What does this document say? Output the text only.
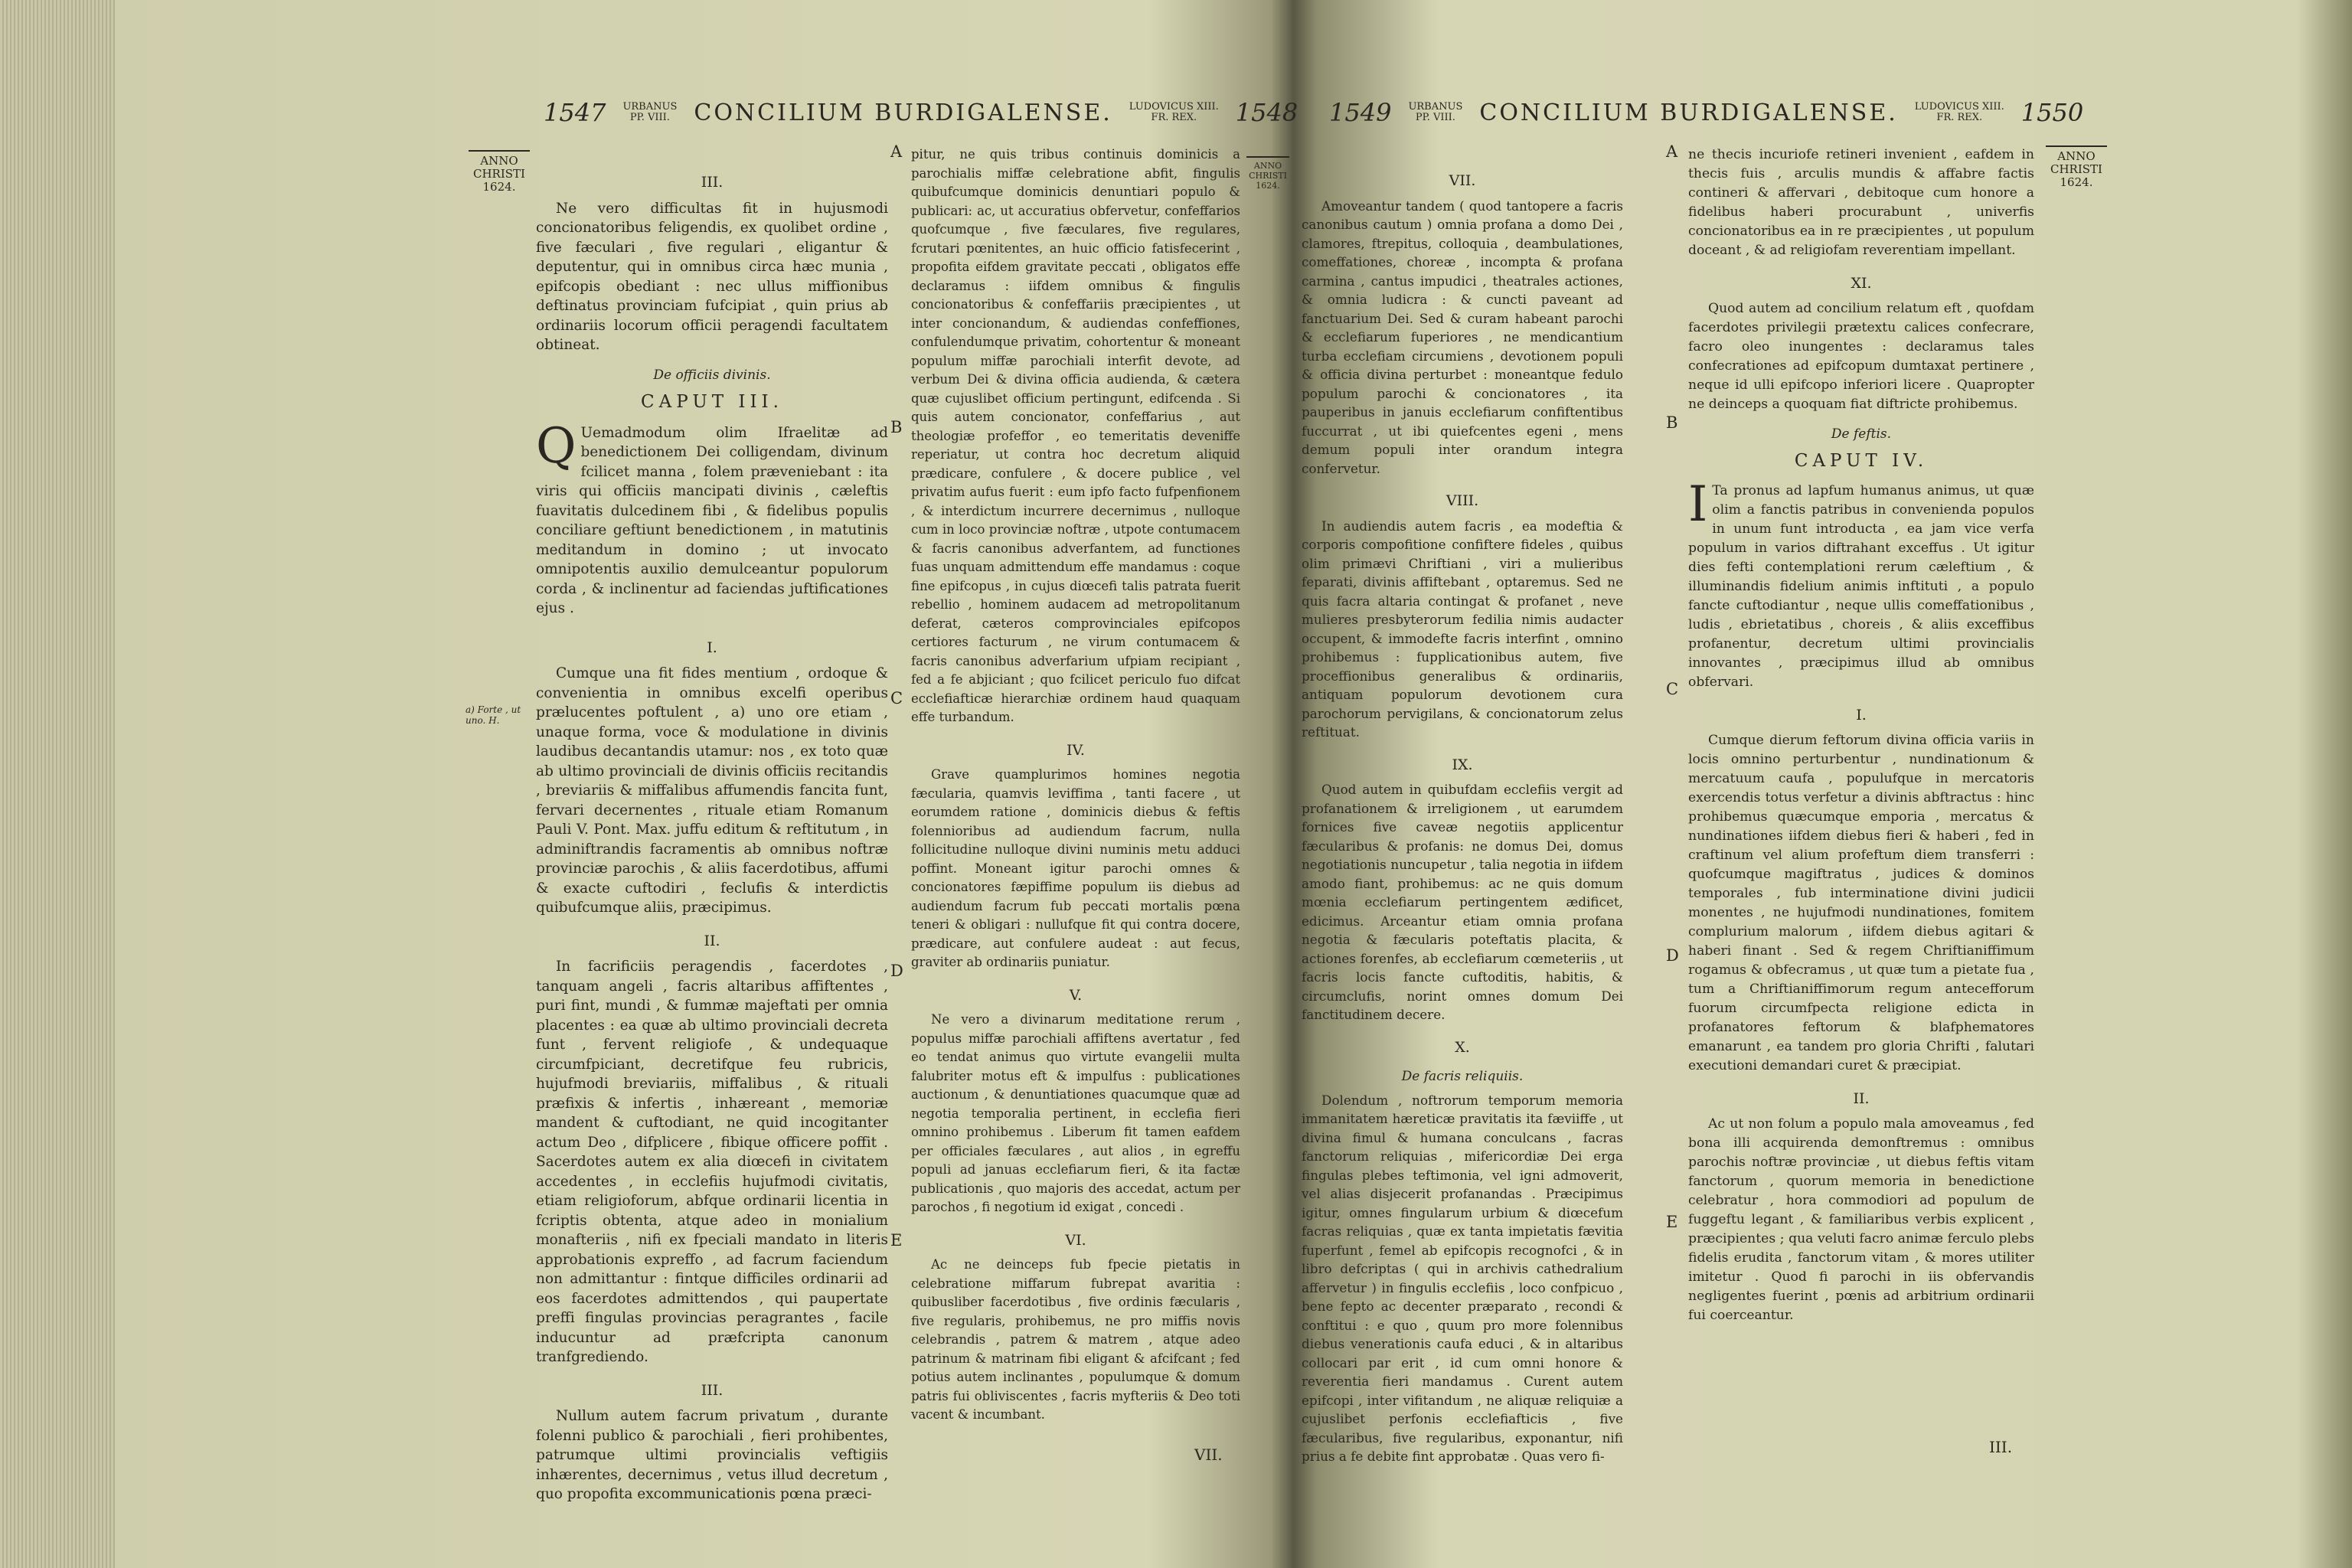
1547 URBANUS
PP. VIII.	CONCILIUM BURDIGALENSE. LUDOVICUS XIII.
FR. REX.	1548
ANNO
CHRISTI
1624.
a) Forte , ut uno. H.
III.

Ne vero difficultas fit in hujusmodi concionatoribus feligendis, ex quolibet ordine , five fæculari , five regulari , eligantur & deputentur, qui in omnibus circa hæc munia , epifcopis obediant : nec ullus miffionibus deftinatus provinciam fufcipiat , quin prius ab ordinariis locorum officii peragendi facultatem obtineat.

De officiis divinis.
CAPUT III.

Q Uemadmodum olim Ifraelitæ ad benedictionem Dei colligendam, divinum fcilicet manna , folem præveniebant : ita viris qui officiis mancipati divinis , cæleftis fuavitatis dulcedinem fibi , & fidelibus populis conciliare geftiunt benedictionem , in matutinis meditandum in domino ; ut invocato omnipotentis auxilio demulceantur populorum corda , & inclinentur ad faciendas juftificationes ejus .

I.

Cumque una fit fides mentium , ordoque & convenientia in omnibus excelfi operibus prælucentes poftulent , a) uno ore etiam , unaque forma, voce & modulatione in divinis laudibus decantandis utamur: nos , ex toto quæ ab ultimo provinciali de divinis officiis recitandis , breviariis & miffalibus affumendis fancita funt, fervari decernentes , rituale etiam Romanum Pauli V. Pont. Max. juffu editum & reftitutum , in adminiftrandis facramentis ab omnibus noftræ provinciæ parochis , & aliis facerdotibus, affumi & exacte cuftodiri , feclufis & interdictis quibufcumque aliis, præcipimus.

II.

In facrificiis peragendis , facerdotes , tanquam angeli , facris altaribus affiftentes , puri fint, mundi , & fummæ majeftati per omnia placentes : ea quæ ab ultimo provinciali decreta funt , fervent religiofe , & undequaque circumfpiciant, decretifque feu rubricis, hujufmodi breviariis, miffalibus , & rituali præfixis & infertis , inhæreant , memoriæ mandent & cuftodiant, ne quid incogitanter actum Deo , difplicere , fibique officere poffit . Sacerdotes autem ex alia diœcefi in civitatem accedentes , in ecclefiis hujufmodi civitatis, etiam religioforum, abfque ordinarii licentia in fcriptis obtenta, atque adeo in monialium monafteriis , nifi ex fpeciali mandato in literis approbationis expreffo , ad facrum faciendum non admittantur : fintque difficiles ordinarii ad eos facerdotes admittendos , qui paupertate preffi fingulas provincias peragrantes , facile inducuntur ad præfcripta canonum tranfgrediendo.

III.

Nullum autem facrum privatum , durante folenni publico & parochiali , fieri prohibentes, patrumque ultimi provincialis veftigiis inhærentes, decernimus , vetus illud decretum , quo propofita excommunicationis pœna præci-

A
B
C
D
E

pitur, ne quis tribus continuis dominicis a parochialis miffæ celebratione abfit, fingulis quibufcumque dominicis denuntiari populo & publicari: ac, ut accuratius obfervetur, confeffarios quofcumque , five fæculares, five regulares, fcrutari pœnitentes, an huic officio fatisfecerint , propofita eifdem gravitate peccati , obligatos effe declaramus : iifdem omnibus & fingulis concionatoribus & confeffariis præcipientes , ut inter concionandum, & audiendas confeffiones, confulendumque privatim, cohortentur & moneant populum miffæ parochiali interfit devote, ad verbum Dei & divina officia audienda, & cætera quæ cujuslibet officium pertingunt, edifcenda . Si quis autem concionator, confeffarius , aut theologiæ profeffor , eo temeritatis deveniffe reperiatur, ut contra hoc decretum aliquid prædicare, confulere , & docere publice , vel privatim aufus fuerit : eum ipfo facto fufpenfionem , & interdictum incurrere decernimus , nulloque cum in loco provinciæ noftræ , utpote contumacem & facris canonibus adverfantem, ad functiones fuas unquam admittendum effe mandamus : coque fine epifcopus , in cujus diœcefi talis patrata fuerit rebellio , hominem audacem ad metropolitanum deferat, cæteros comprovinciales epifcopos certiores facturum , ne virum contumacem & facris canonibus adverfarium ufpiam recipiant , fed a fe abjiciant ; quo fcilicet periculo fuo difcat ecclefiafticæ hierarchiæ ordinem haud quaquam effe turbandum.

IV.

Grave quamplurimos homines negotia fæcularia, quamvis leviffima , tanti facere , ut eorumdem ratione , dominicis diebus & feftis folennioribus ad audiendum facrum, nulla follicitudine nulloque divini numinis metu adduci poffint. Moneant igitur parochi omnes & concionatores fæpiffime populum iis diebus ad audiendum facrum fub peccati mortalis pœna teneri & obligari : nullufque fit qui contra docere, prædicare, aut confulere audeat : aut fecus, graviter ab ordinariis puniatur.

V.

Ne vero a divinarum meditatione rerum , populus miffæ parochiali affiftens avertatur , fed eo tendat animus quo virtute evangelii multa falubriter motus eft & impulfus : publicationes auctionum , & denuntiationes quacumque quæ ad negotia temporalia pertinent, in ecclefia fieri omnino prohibemus . Liberum fit tamen eafdem per officiales fæculares , aut alios , in egreffu populi ad januas ecclefiarum fieri, & ita factæ publicationis , quo majoris des accedat, actum per parochos , fi negotium id exigat , concedi .

VI.

Ac ne deinceps fub fpecie pietatis in celebratione miffarum fubrepat avaritia : quibusliber facerdotibus , five ordinis fæcularis , five regularis, prohibemus, ne pro miffis novis celebrandis , patrem & matrem , atque adeo patrinum & matrinam fibi eligant & afcifcant ; fed potius autem inclinantes , populumque & domum patris fui obliviscentes , facris myfteriis & Deo toti vacent & incumbant.

VII.
ANNO
CHRISTI
1624.
1549 URBANUS
PP. VIII.	CONCILIUM BURDIGALENSE. LUDOVICUS XIII.
FR. REX.	1550
VII.

Amoveantur tandem ( quod tantopere a facris canonibus cautum ) omnia profana a domo Dei , clamores, ftrepitus, colloquia , deambulationes, comeffationes, choreæ , incompta & profana carmina , cantus impudici , theatrales actiones, & omnia ludicra : & cuncti paveant ad fanctuarium Dei. Sed & curam habeant parochi & ecclefiarum fuperiores , ne mendicantium turba ecclefiam circumiens , devotionem populi & officia divina perturbet : moneantque fedulo populum parochi & concionatores , ita pauperibus in januis ecclefiarum confiftentibus fuccurrat , ut ibi quiefcentes egeni , mens demum populi inter orandum integra confervetur.

VIII.

In audiendis autem facris , ea modeftia & corporis compofitione confiftere fideles , quibus olim primævi Chriftiani , viri a mulieribus feparati, divinis affiftebant , optaremus. Sed ne quis facra altaria contingat & profanet , neve mulieres presbyterorum fedilia nimis audacter occupent, & immodefte facris interfint , omnino prohibemus : fupplicationibus autem, five proceffionibus generalibus & ordinariis, antiquam populorum devotionem cura parochorum pervigilans, & concionatorum zelus reftituat.

IX.

Quod autem in quibufdam ecclefiis vergit ad profanationem & irreligionem , ut earumdem fornices five caveæ negotiis applicentur fæcularibus & profanis: ne domus Dei, domus negotiationis nuncupetur , talia negotia in iifdem amodo fiant, prohibemus: ac ne quis domum mœnia ecclefiarum pertingentem ædificet, edicimus. Arceantur etiam omnia profana negotia & fæcularis poteftatis placita, & actiones forenfes, ab ecclefiarum cœmeteriis , ut facris locis fancte cuftoditis, habitis, & circumclufis, norint omnes domum Dei fanctitudinem decere.

X.
De facris reliquiis.

Dolendum , noftrorum temporum memoria immanitatem hæreticæ pravitatis ita fæviiffe , ut divina fimul & humana conculcans , facras fanctorum reliquias , mifericordiæ Dei erga fingulas plebes teftimonia, vel igni admoverit, vel alias disjecerit profanandas . Præcipimus igitur, omnes fingularum urbium & diœcefum facras reliquias , quæ ex tanta impietatis fævitia fuperfunt , femel ab epifcopis recognofci , & in libro defcriptas ( qui in archivis cathedralium affervetur ) in fingulis ecclefiis , loco confpicuo , bene fepto ac decenter præparato , recondi & conftitui : e quo , quum pro more folennibus diebus venerationis caufa educi , & in altaribus collocari par erit , id cum omni honore & reverentia fieri mandamus . Curent autem epifcopi , inter vifitandum , ne aliquæ reliquiæ a cujuslibet perfonis ecclefiafticis , five fæcularibus, five regularibus, exponantur, nifi prius a fe debite fint approbatæ . Quas vero fi-

A
B
C
D
E

ne thecis incuriofe retineri invenient , eafdem in thecis fuis , arculis mundis & affabre factis contineri & affervari , debitoque cum honore a fidelibus haberi procurabunt , univerfis concionatoribus ea in re præcipientes , ut populum doceant , & ad religiofam reverentiam impellant.

XI.

Quod autem ad concilium relatum eft , quofdam facerdotes privilegii prætextu calices confecrare, facro oleo inungentes : declaramus tales confecrationes ad epifcopum dumtaxat pertinere , neque id ulli epifcopo inferiori licere . Quapropter ne deinceps a quoquam fiat diftricte prohibemus.

De feftis.
CAPUT IV.

I Ta pronus ad lapfum humanus animus, ut quæ olim a fanctis patribus in convenienda populos in unum funt introducta , ea jam vice verfa populum in varios diftrahant exceffus . Ut igitur dies fefti contemplationi rerum cæleftium , & illuminandis fidelium animis inftituti , a populo fancte cuftodiantur , neque ullis comeffationibus , ludis , ebrietatibus , choreis , & aliis exceffibus profanentur, decretum ultimi provincialis innovantes , præcipimus illud ab omnibus obfervari.

I.

Cumque dierum feftorum divina officia variis in locis omnino perturbentur , nundinationum & mercatuum caufa , populufque in mercatoris exercendis totus verfetur a divinis abftractus : hinc prohibemus quæcumque emporia , mercatus & nundinationes iifdem diebus fieri & haberi , fed in craftinum vel alium profeftum diem transferri : quofcumque magiftratus , judices & dominos temporales , fub interminatione divini judicii monentes , ne hujufmodi nundinationes, fomitem complurium malorum , iifdem diebus agitari & haberi finant . Sed & regem Chriftianiffimum rogamus & obfecramus , ut quæ tum a pietate fua , tum a Chriftianiffimorum regum antecefforum fuorum circumfpecta religione edicta in profanatores feftorum & blafphematores emanarunt , ea tandem pro gloria Chrifti , falutari executioni demandari curet & præcipiat.

II.

Ac ut non folum a populo mala amoveamus , fed bona illi acquirenda demonftremus : omnibus parochis noftræ provinciæ , ut diebus feftis vitam fanctorum , quorum memoria in benedictione celebratur , hora commodiori ad populum de fuggeftu legant , & familiaribus verbis explicent , præcipientes ; qua veluti facro animæ ferculo plebs fidelis erudita , fanctorum vitam , & mores utiliter imitetur . Quod fi parochi in iis obfervandis negligentes fuerint , pœnis ad arbitrium ordinarii fui coerceantur.

III.
ANNO
CHRISTI
1624.
